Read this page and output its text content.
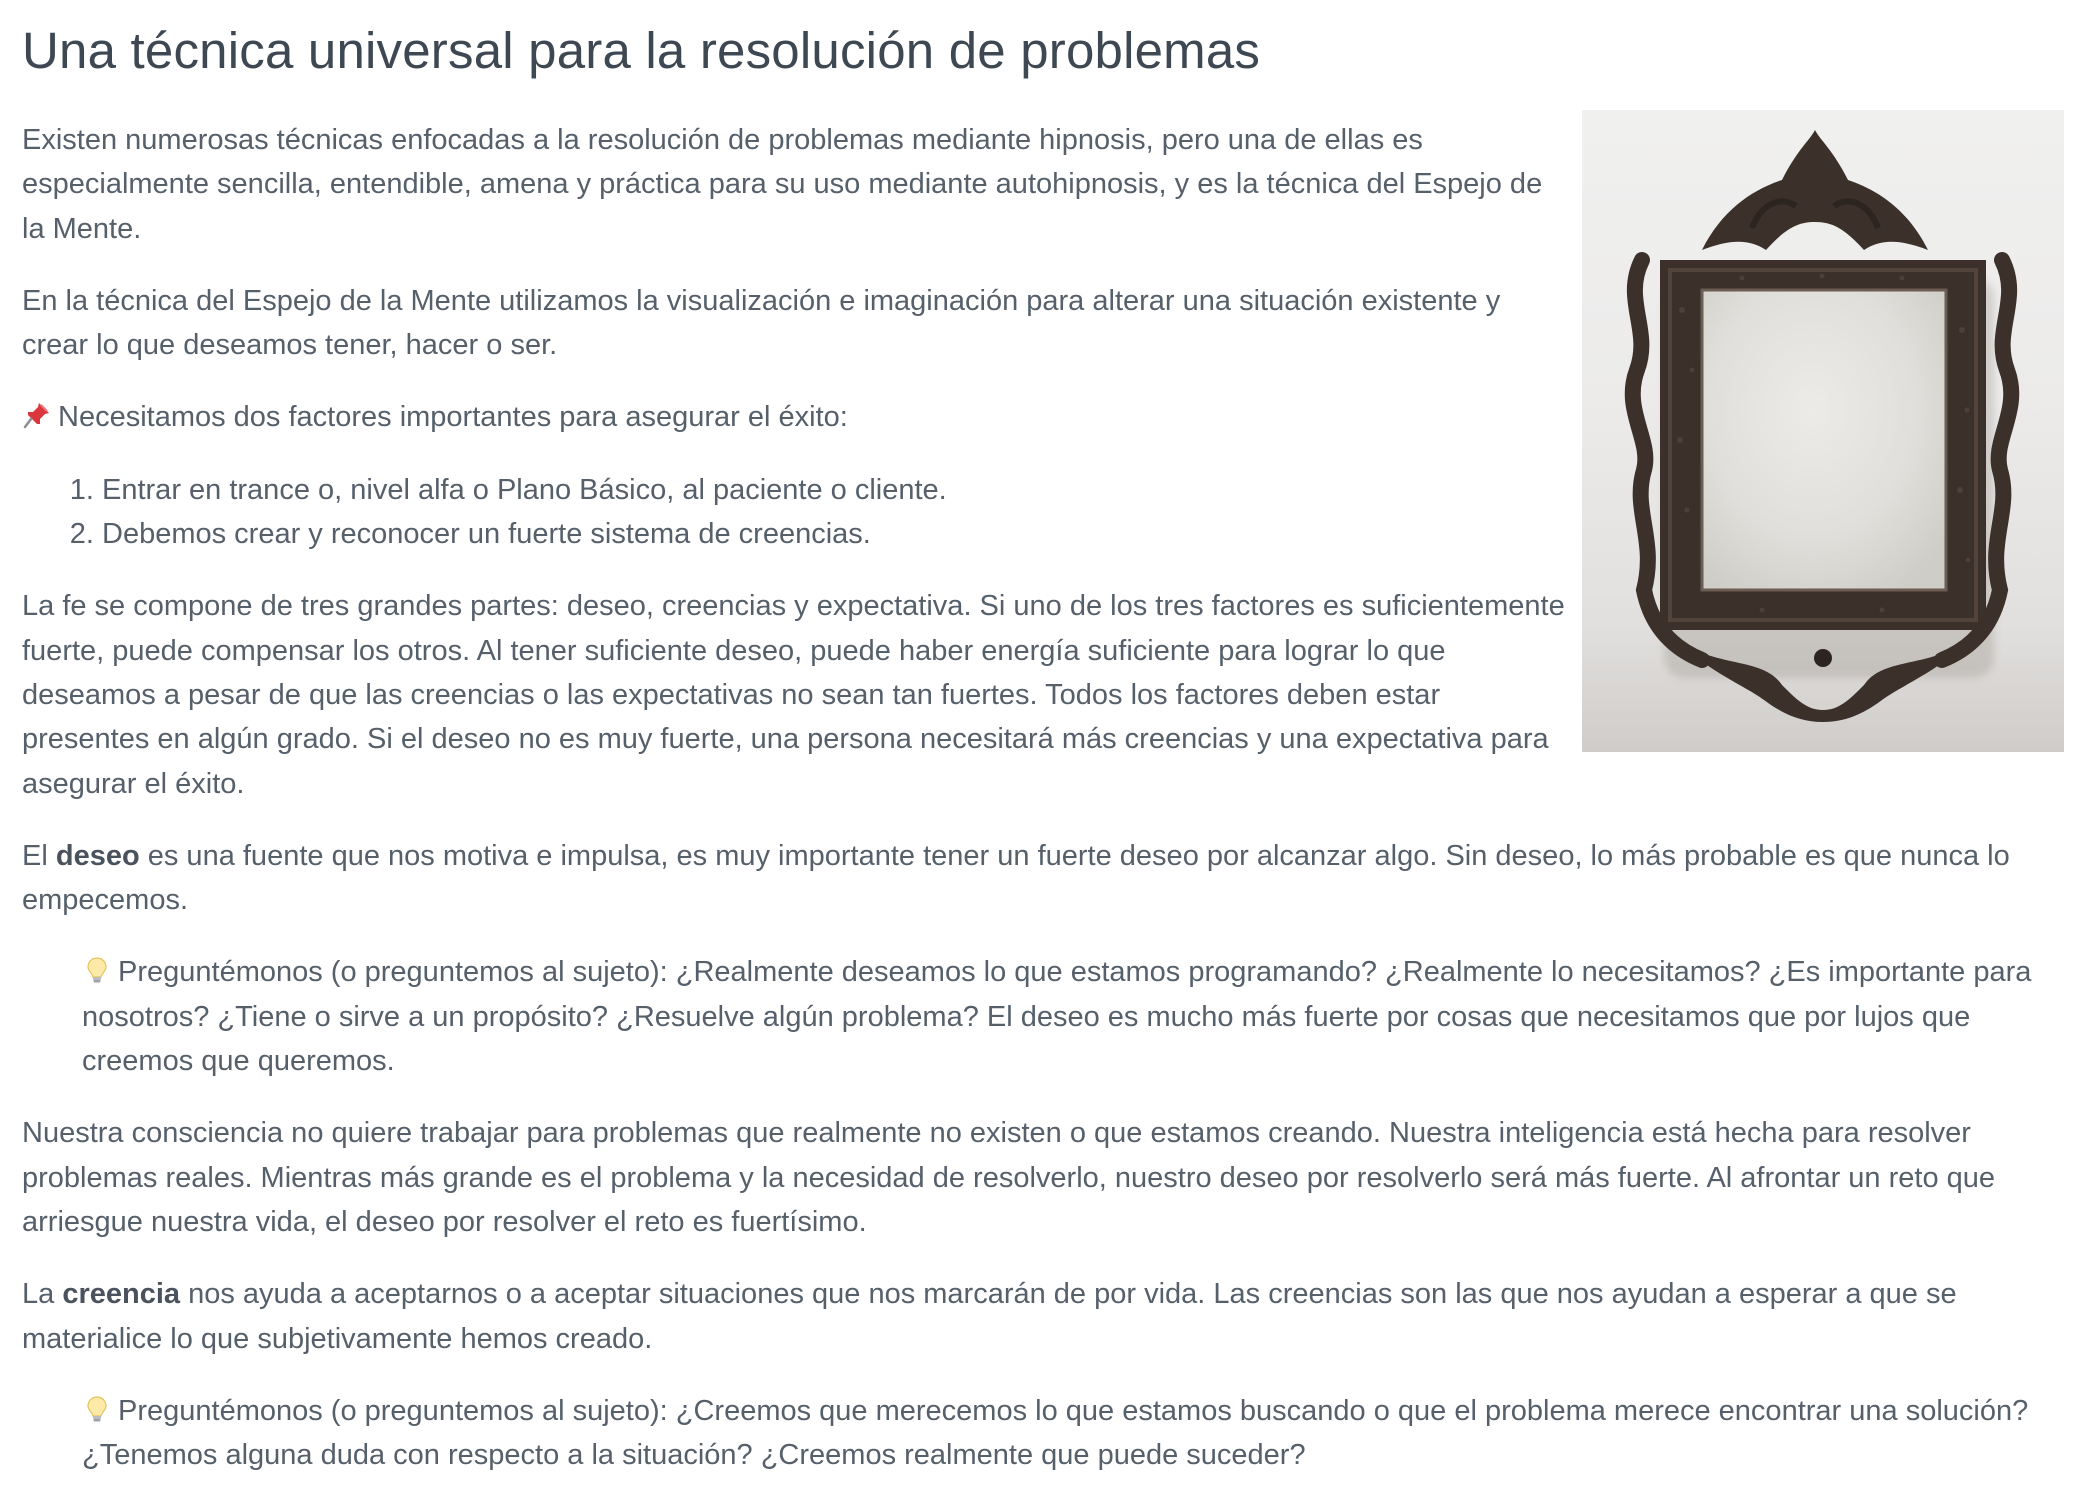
Una técnica universal para la resolución de problemas

Existen numerosas técnicas enfocadas a la resolución de problemas mediante hipnosis, pero una de ellas es especialmente sencilla, entendible, amena y práctica para su uso mediante autohipnosis, y es la técnica del Espejo de la Mente.

En la técnica del Espejo de la Mente utilizamos la visualización e imaginación para alterar una situación existente y crear lo que deseamos tener, hacer o ser.

Necesitamos dos factores importantes para asegurar el éxito:

1. Entrar en trance o, nivel alfa o Plano Básico, al paciente o cliente.
2. Debemos crear y reconocer un fuerte sistema de creencias.

La fe se compone de tres grandes partes: deseo, creencias y expectativa. Si uno de los tres factores es suficientemente fuerte, puede compensar los otros. Al tener suficiente deseo, puede haber energía suficiente para lograr lo que deseamos a pesar de que las creencias o las expectativas no sean tan fuertes. Todos los factores deben estar presentes en algún grado. Si el deseo no es muy fuerte, una persona necesitará más creencias y una expectativa para asegurar el éxito.

El deseo es una fuente que nos motiva e impulsa, es muy importante tener un fuerte deseo por alcanzar algo. Sin deseo, lo más probable es que nunca lo empecemos.

Preguntémonos (o preguntemos al sujeto): ¿Realmente deseamos lo que estamos programando? ¿Realmente lo necesitamos? ¿Es importante para nosotros? ¿Tiene o sirve a un propósito? ¿Resuelve algún problema? El deseo es mucho más fuerte por cosas que necesitamos que por lujos que creemos que queremos.

Nuestra consciencia no quiere trabajar para problemas que realmente no existen o que estamos creando. Nuestra inteligencia está hecha para resolver problemas reales. Mientras más grande es el problema y la necesidad de resolverlo, nuestro deseo por resolverlo será más fuerte. Al afrontar un reto que arriesgue nuestra vida, el deseo por resolver el reto es fuertísimo.

La creencia nos ayuda a aceptarnos o a aceptar situaciones que nos marcarán de por vida. Las creencias son las que nos ayudan a esperar a que se materialice lo que subjetivamente hemos creado.

Preguntémonos (o preguntemos al sujeto): ¿Creemos que merecemos lo que estamos buscando o que el problema merece encontrar una solución? ¿Tenemos alguna duda con respecto a la situación? ¿Creemos realmente que puede suceder?
